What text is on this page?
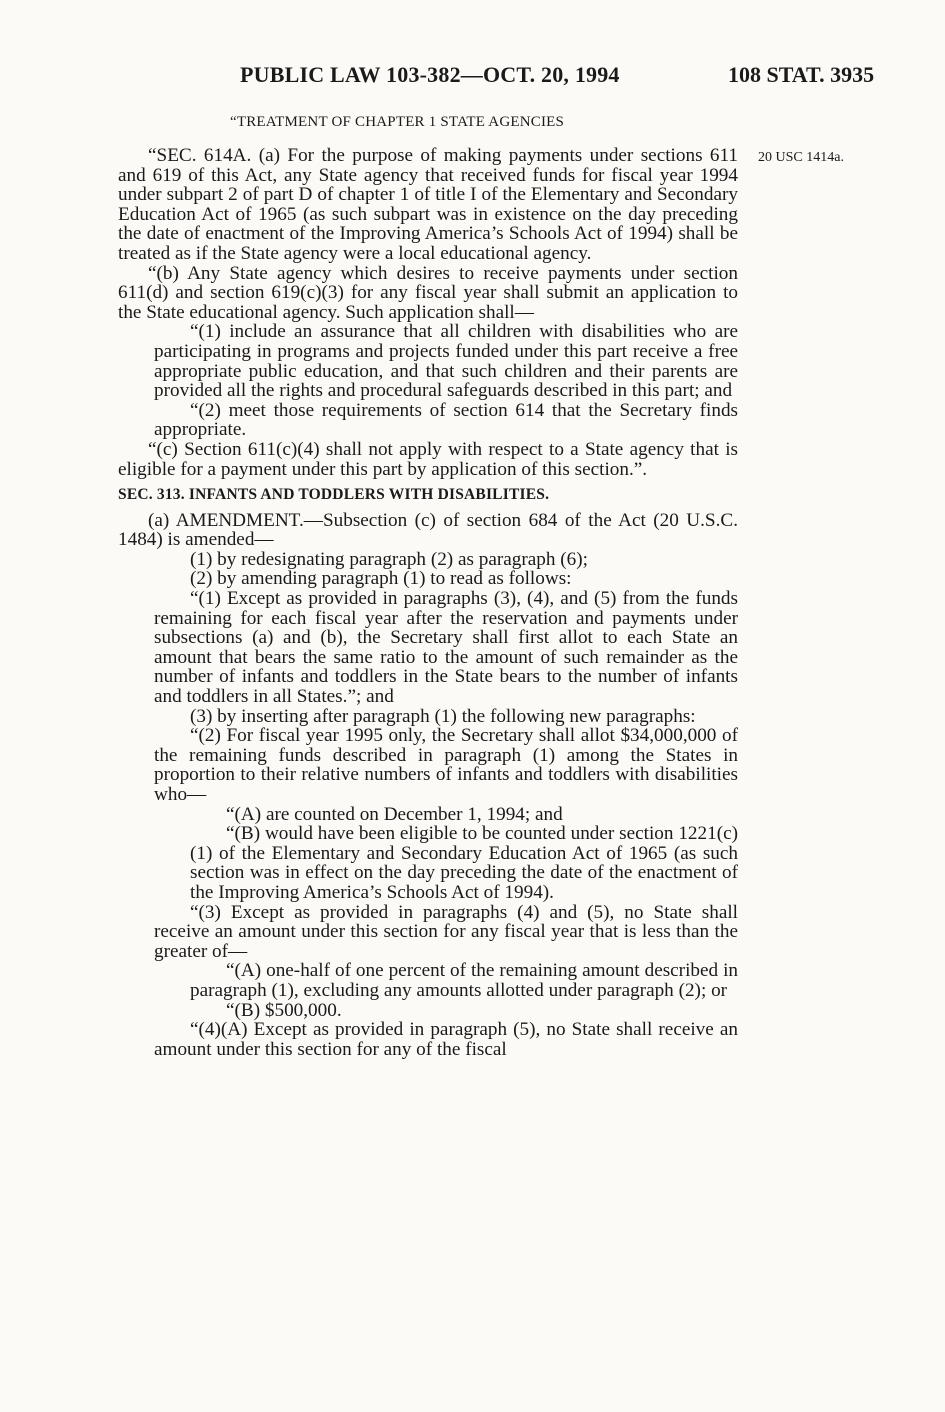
PUBLIC LAW 103-382—OCT. 20, 1994	108 STAT. 3935
“TREATMENT OF CHAPTER 1 STATE AGENCIES
20 USC 1414a.

“SEC. 614A. (a) For the purpose of making payments under sections 611 and 619 of this Act, any State agency that received funds for fiscal year 1994 under subpart 2 of part D of chapter 1 of title I of the Elementary and Secondary Education Act of 1965 (as such subpart was in existence on the day preceding the date of enactment of the Improving America’s Schools Act of 1994) shall be treated as if the State agency were a local educational agency.

“(b) Any State agency which desires to receive payments under section 611(d) and section 619(c)(3) for any fiscal year shall submit an application to the State educational agency. Such application shall—

“(1) include an assurance that all children with disabilities who are participating in programs and projects funded under this part receive a free appropriate public education, and that such children and their parents are provided all the rights and procedural safeguards described in this part; and

“(2) meet those requirements of section 614 that the Secretary finds appropriate.

“(c) Section 611(c)(4) shall not apply with respect to a State agency that is eligible for a payment under this part by application of this section.”.

SEC. 313. INFANTS AND TODDLERS WITH DISABILITIES.

(a) AMENDMENT.—Subsection (c) of section 684 of the Act (20 U.S.C. 1484) is amended—

(1) by redesignating paragraph (2) as paragraph (6);

(2) by amending paragraph (1) to read as follows:

“(1) Except as provided in paragraphs (3), (4), and (5) from the funds remaining for each fiscal year after the reservation and payments under subsections (a) and (b), the Secretary shall first allot to each State an amount that bears the same ratio to the amount of such remainder as the number of infants and toddlers in the State bears to the number of infants and toddlers in all States.”; and

(3) by inserting after paragraph (1) the following new paragraphs:

“(2) For fiscal year 1995 only, the Secretary shall allot $34,000,000 of the remaining funds described in paragraph (1) among the States in proportion to their relative numbers of infants and toddlers with disabilities who—

“(A) are counted on December 1, 1994; and

“(B) would have been eligible to be counted under section 1221(c)(1) of the Elementary and Secondary Education Act of 1965 (as such section was in effect on the day preceding the date of the enactment of the Improving America’s Schools Act of 1994).

“(3) Except as provided in paragraphs (4) and (5), no State shall receive an amount under this section for any fiscal year that is less than the greater of—

“(A) one-half of one percent of the remaining amount described in paragraph (1), excluding any amounts allotted under paragraph (2); or

“(B) $500,000.

“(4)(A) Except as provided in paragraph (5), no State shall receive an amount under this section for any of the fiscal
